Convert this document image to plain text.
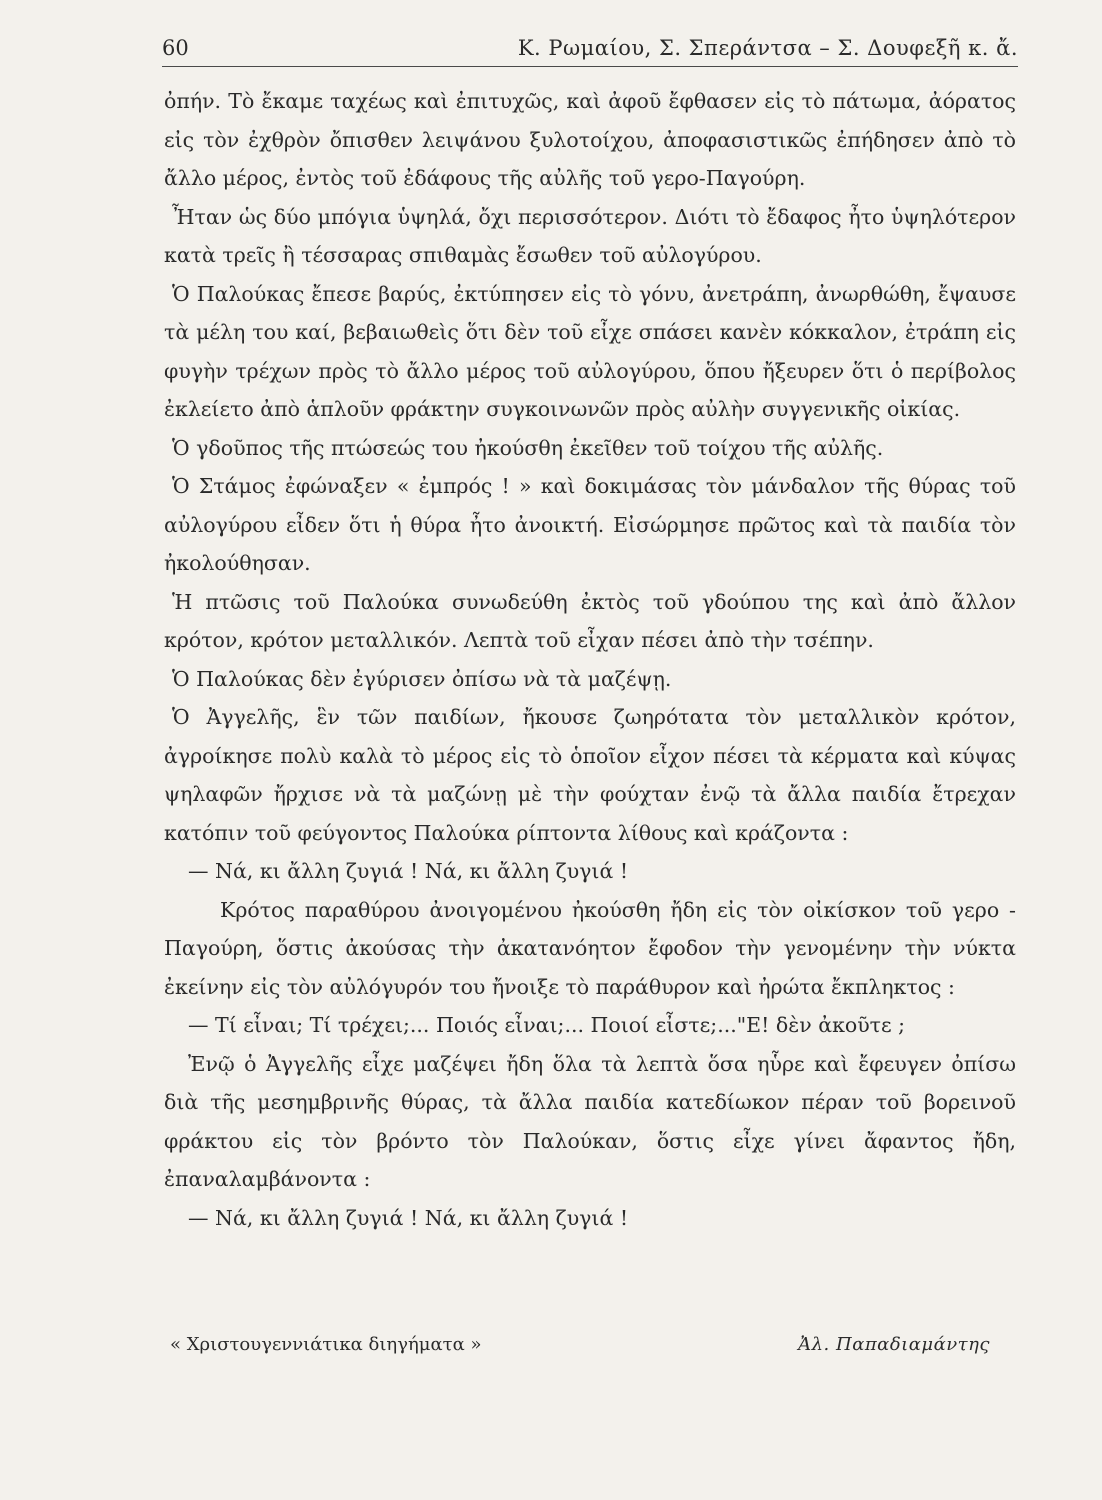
60	Κ. Ρωμαίου, Σ. Σπεράντσα – Σ. Δουφεξῆ κ. ἄ.

ὀπήν. Τὸ ἔκαμε ταχέως καὶ ἐπιτυχῶς, καὶ ἀφοῦ ἔφθασεν εἰς τὸ πάτωμα, ἀόρατος εἰς τὸν ἐχθρὸν ὄπισθεν λειψάνου ξυλοτοίχου, ἀποφασιστικῶς ἐπήδησεν ἀπὸ τὸ ἄλλο μέρος, ἐντὸς τοῦ ἐδάφους τῆς αὐλῆς τοῦ γερο-Παγούρη.

Ἦταν ὡς δύο μπόγια ὑψηλά, ὄχι περισσότερον. Διότι τὸ ἔδαφος ἦτο ὑψηλότερον κατὰ τρεῖς ἢ τέσσαρας σπιθαμὰς ἔσωθεν τοῦ αὐλογύρου.

Ὁ Παλούκας ἔπεσε βαρύς, ἐκτύπησεν εἰς τὸ γόνυ, ἀνετράπη, ἀνωρθώθη, ἔψαυσε τὰ μέλη του καί, βεβαιωθεὶς ὅτι δὲν τοῦ εἶχε σπάσει κανὲν κόκκαλον, ἐτράπη εἰς φυγὴν τρέχων πρὸς τὸ ἄλλο μέρος τοῦ αὐλογύρου, ὅπου ἤξευρεν ὅτι ὁ περίβολος ἐκλείετο ἀπὸ ἁπλοῦν φράκτην συγκοινωνῶν πρὸς αὐλὴν συγγενικῆς οἰκίας.

Ὁ γδοῦπος τῆς πτώσεώς του ἠκούσθη ἐκεῖθεν τοῦ τοίχου τῆς αὐλῆς.

Ὁ Στάμος ἐφώναξεν « ἐμπρός ! » καὶ δοκιμάσας τὸν μάνδαλον τῆς θύρας τοῦ αὐλογύρου εἶδεν ὅτι ἡ θύρα ἦτο ἀνοικτή. Εἰσώρμησε πρῶτος καὶ τὰ παιδία τὸν ἠκολούθησαν.

Ἡ πτῶσις τοῦ Παλούκα συνωδεύθη ἐκτὸς τοῦ γδούπου της καὶ ἀπὸ ἄλλον κρότον, κρότον μεταλλικόν. Λεπτὰ τοῦ εἶχαν πέσει ἀπὸ τὴν τσέπην.

Ὁ Παλούκας δὲν ἐγύρισεν ὀπίσω νὰ τὰ μαζέψῃ.

Ὁ Ἀγγελῆς, ἓν τῶν παιδίων, ἤκουσε ζωηρότατα τὸν μεταλλικὸν κρότον, ἀγροίκησε πολὺ καλὰ τὸ μέρος εἰς τὸ ὁποῖον εἶχον πέσει τὰ κέρματα καὶ κύψας ψηλαφῶν ἤρχισε νὰ τὰ μαζώνῃ μὲ τὴν φούχταν ἐνῷ τὰ ἄλλα παιδία ἔτρεχαν κατόπιν τοῦ φεύγοντος Παλούκα ρίπτοντα λίθους καὶ κράζοντα :

— Νά, κι ἄλλη ζυγιά ! Νά, κι ἄλλη ζυγιά !

Κρότος παραθύρου ἀνοιγομένου ἠκούσθη ἤδη εἰς τὸν οἰκίσκον τοῦ γερο - Παγούρη, ὅστις ἀκούσας τὴν ἀκατανόητον ἔφοδον τὴν γενομένην τὴν νύκτα ἐκείνην εἰς τὸν αὐλόγυρόν του ἤνοιξε τὸ παράθυρον καὶ ἠρώτα ἔκπληκτος :

— Τί εἶναι; Τί τρέχει;... Ποιός εἶναι;... Ποιοί εἶστε;..."Ε! δὲν ἀκοῦτε ;

Ἐνῷ ὁ Ἀγγελῆς εἶχε μαζέψει ἤδη ὅλα τὰ λεπτὰ ὅσα ηὗρε καὶ ἔφευγεν ὀπίσω διὰ τῆς μεσημβρινῆς θύρας, τὰ ἄλλα παιδία κατεδίωκον πέραν τοῦ βορεινοῦ φράκτου εἰς τὸν βρόντο τὸν Παλούκαν, ὅστις εἶχε γίνει ἄφαντος ἤδη, ἐπαναλαμβάνοντα :

— Νά, κι ἄλλη ζυγιά ! Νά, κι ἄλλη ζυγιά !

« Χριστουγεννιάτικα διηγήματα »	Ἀλ. Παπαδιαμάντης
